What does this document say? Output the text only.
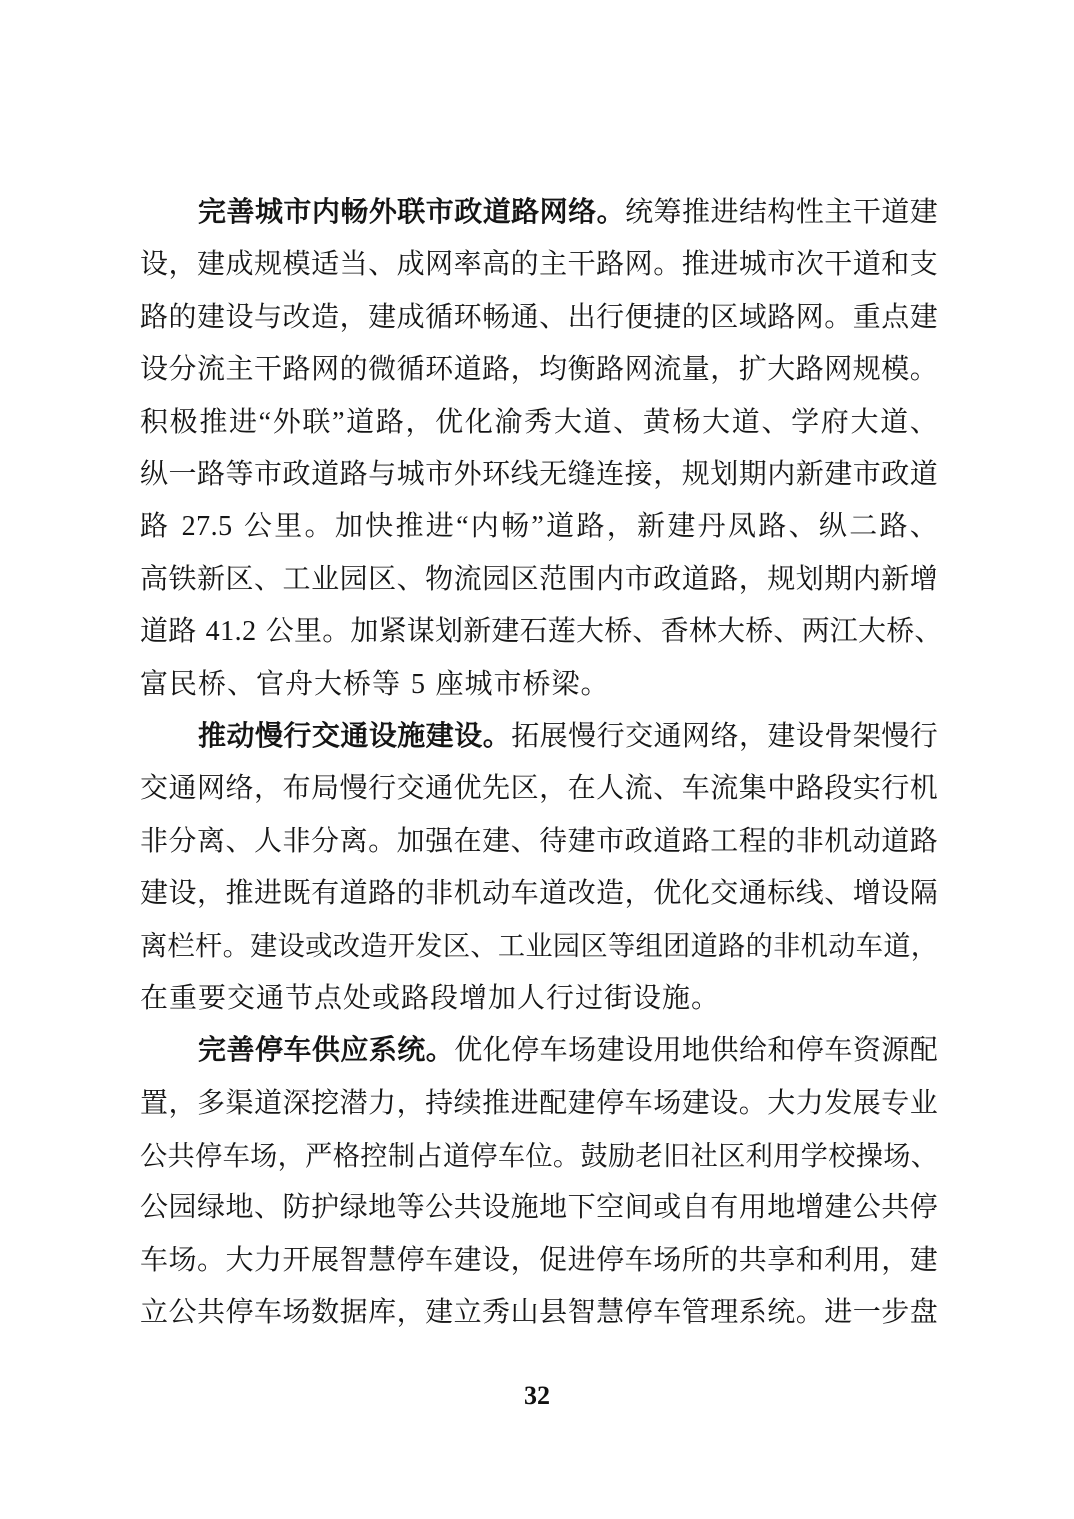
完善城市内畅外联市政道路网络。统筹推进结构性主干道建
设，建成规模适当、成网率高的主干路网。推进城市次干道和支
路的建设与改造，建成循环畅通、出行便捷的区域路网。重点建
设分流主干路网的微循环道路，均衡路网流量，扩大路网规模。
积极推进“外联”道路，优化渝秀大道、黄杨大道、学府大道、
纵一路等市政道路与城市外环线无缝连接，规划期内新建市政道
路 27.5 公里。加快推进“内畅”道路，新建丹凤路、纵二路、
高铁新区、工业园区、物流园区范围内市政道路，规划期内新增
道路 41.2 公里。加紧谋划新建石莲大桥、香林大桥、两江大桥、
富民桥、官舟大桥等 5 座城市桥梁。
推动慢行交通设施建设。拓展慢行交通网络，建设骨架慢行
交通网络，布局慢行交通优先区，在人流、车流集中路段实行机
非分离、人非分离。加强在建、待建市政道路工程的非机动道路
建设，推进既有道路的非机动车道改造，优化交通标线、增设隔
离栏杆。建设或改造开发区、工业园区等组团道路的非机动车道，
在重要交通节点处或路段增加人行过街设施。
完善停车供应系统。优化停车场建设用地供给和停车资源配
置，多渠道深挖潜力，持续推进配建停车场建设。大力发展专业
公共停车场，严格控制占道停车位。鼓励老旧社区利用学校操场、
公园绿地、防护绿地等公共设施地下空间或自有用地增建公共停
车场。大力开展智慧停车建设，促进停车场所的共享和利用，建
立公共停车场数据库，建立秀山县智慧停车管理系统。进一步盘
32
